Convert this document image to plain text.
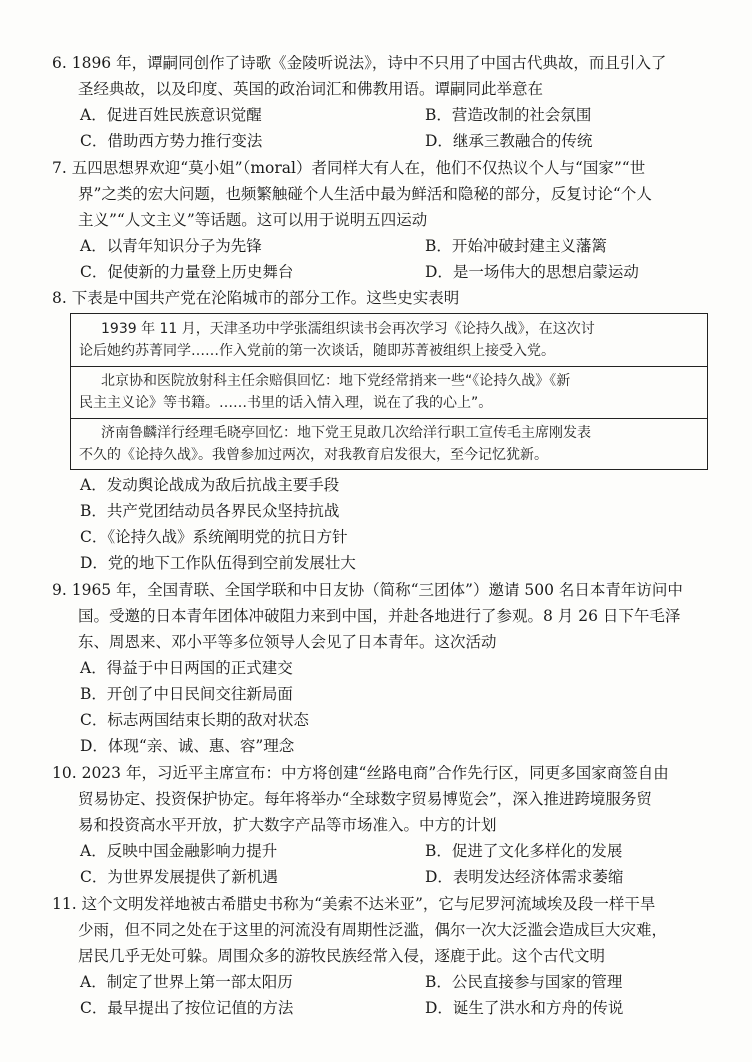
6. 1896 年，谭嗣同创作了诗歌《金陵听说法》，诗中不只用了中国古代典故，而且引入了
圣经典故，以及印度、英国的政治词汇和佛教用语。谭嗣同此举意在
A．促进百姓民族意识觉醒	B．营造改制的社会氛围
C．借助西方势力推行变法	D．继承三教融合的传统
7. 五四思想界欢迎“莫小姐”（moral）者同样大有人在，他们不仅热议个人与“国家”“世
界”之类的宏大问题，也频繁触碰个人生活中最为鲜活和隐秘的部分，反复讨论“个人
主义”“人文主义”等话题。这可以用于说明五四运动
A．以青年知识分子为先锋	B．开始冲破封建主义藩篱
C．促使新的力量登上历史舞台	D．是一场伟大的思想启蒙运动
8. 下表是中国共产党在沦陷城市的部分工作。这些史实表明
1939 年 11 月，天津圣功中学张濡组织读书会再次学习《论持久战》，在这次讨
论后她约苏菁同学……作入党前的第一次谈话，随即苏菁被组织上接受入党。
北京协和医院放射科主任余赔俱回忆：地下党经常捎来一些“《论持久战》《新
民主主义论》等书籍。……书里的话入情入理，说在了我的心上”。
济南鲁麟洋行经理毛晓亭回忆：地下党王見敢几次给洋行职工宣传毛主席刚发表
不久的《论持久战》。我曾参加过两次，对我教育启发很大，至今记忆犹新。
A．发动舆论战成为敌后抗战主要手段
B．共产党团结动员各界民众坚持抗战
C．《论持久战》系统阐明党的抗日方针
D．党的地下工作队伍得到空前发展壮大
9. 1965 年，全国青联、全国学联和中日友协（简称“三团体”）邀请 500 名日本青年访问中
国。受邀的日本青年团体冲破阻力来到中国，并赴各地进行了参观。8 月 26 日下午毛泽
东、周恩来、邓小平等多位领导人会见了日本青年。这次活动
A．得益于中日两国的正式建交
B．开创了中日民间交往新局面
C．标志两国结束长期的敌对状态
D．体现“亲、诚、惠、容”理念
10. 2023 年，习近平主席宣布：中方将创建“丝路电商”合作先行区，同更多国家商签自由
贸易协定、投资保护协定。每年将举办“全球数字贸易博览会”，深入推进跨境服务贸
易和投资高水平开放，扩大数字产品等市场准入。中方的计划
A．反映中国金融影响力提升	B．促进了文化多样化的发展
C．为世界发展提供了新机遇	D．表明发达经济体需求萎缩
11. 这个文明发祥地被古希腊史书称为“美索不达米亚”，它与尼罗河流域埃及段一样干旱
少雨，但不同之处在于这里的河流没有周期性泛滥，偶尔一次大泛滥会造成巨大灾难，
居民几乎无处可躲。周围众多的游牧民族经常入侵，逐鹿于此。这个古代文明
A．制定了世界上第一部太阳历	B．公民直接参与国家的管理
C．最早提出了按位记值的方法	D．诞生了洪水和方舟的传说
